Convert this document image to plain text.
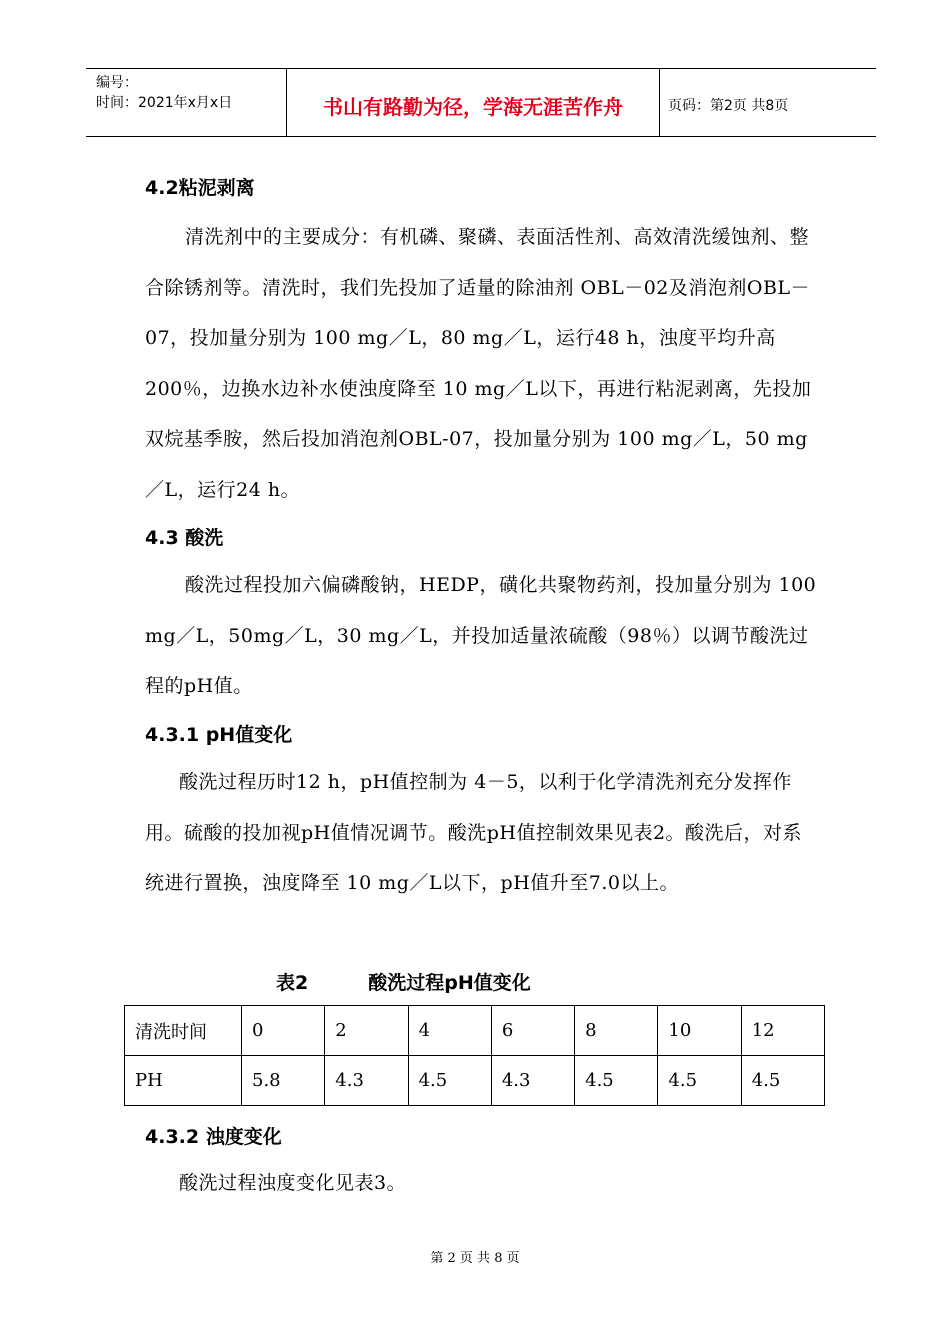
编号：
时间：2021年x月x日	书山有路勤为径，学海无涯苦作舟	页码：第2页 共8页
4.2粘泥剥离
清洗剂中的主要成分：有机磷、聚磷、表面活性剂、高效清洗缓蚀剂、整合除锈剂等。清洗时，我们先投加了适量的除油剂 OBL－02及消泡剂OBL－07，投加量分别为 100 mg／L，80 mg／L，运行48 h，浊度平均升高200％，边换水边补水使浊度降至 10 mg／L以下，再进行粘泥剥离，先投加双烷基季胺，然后投加消泡剂OBL-07，投加量分别为 100 mg／L，50 mg／L，运行24 h。
4.3 酸洗
酸洗过程投加六偏磷酸钠，HEDP，磺化共聚物药剂，投加量分别为 100 mg／L，50mg／L，30 mg／L，并投加适量浓硫酸（98％）以调节酸洗过程的pH值。
4.3.1 pH值变化
酸洗过程历时12 h，pH值控制为 4－5，以利于化学清洗剂充分发挥作用。硫酸的投加视pH值情况调节。酸洗pH值控制效果见表2。酸洗后，对系统进行置换，浊度降至 10 mg／L以下，pH值升至7.0以上。
表2	酸洗过程pH值变化
清洗时间	0	2	4	6	8	10	12
PH	5.8	4.3	4.5	4.3	4.5	4.5	4.5
4.3.2 浊度变化
酸洗过程浊度变化见表3。
第 2 页 共 8 页
